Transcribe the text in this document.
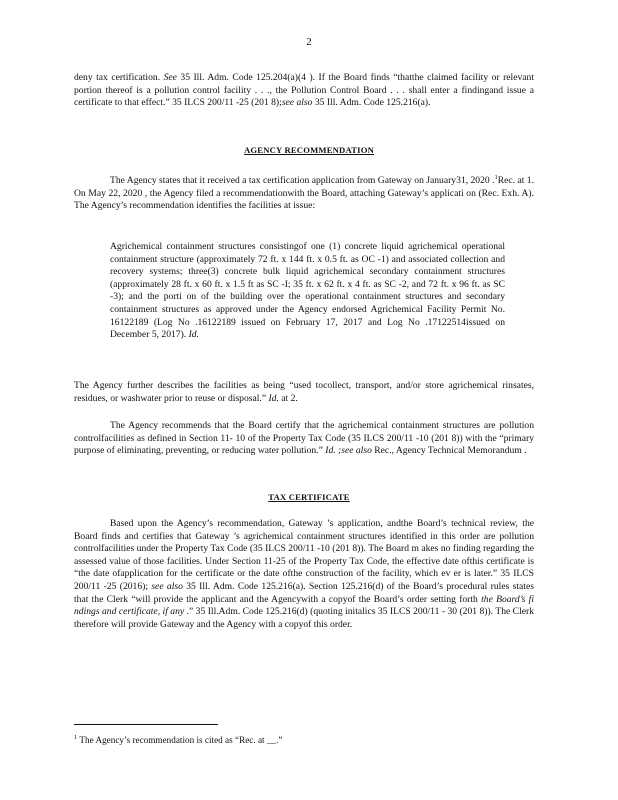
2
deny tax certification. See 35 Ill. Adm. Code 125.204(a)(4 ). If the Board finds “thatthe claimed facility or relevant portion thereof is a pollution control facility . . ., the Pollution Control Board . . . shall enter a findingand issue a certificate to that effect.” 35 ILCS 200/11 -25 (201 8);see also 35 Ill. Adm. Code 125.216(a).
AGENCY RECOMMENDATION
The Agency states that it received a tax certification application from Gateway on January31, 2020 .$^1$Rec. at 1. On May 22, 2020 , the Agency filed a recommendationwith the Board, attaching Gateway’s applicati on (Rec. Exh. A). The Agency’s recommendation identifies the facilities at issue:
Agrichemical containment structures consistingof one (1) concrete liquid agrichemical operational containment structure (approximately 72 ft. x 144 ft. x 0.5 ft. as OC -1) and associated collection and recovery systems; three(3) concrete bulk liquid agrichemical secondary containment structures (approximately 28 ft. x 60 ft. x 1.5 ft as SC -I; 35 ft. x 62 ft. x 4 ft. as SC -2, and 72 ft. x 96 ft. as SC -3); and the porti on of the building over the operational containment structures and secondary containment structures as approved under the Agency endorsed Agrichemical Facility Permit No. 16122189 (Log No .16122189 issued on February 17, 2017 and Log No .17122514issued on December 5, 2017). Id.
The Agency further describes the facilities as being “used tocollect, transport, and/or store agrichemical rinsates, residues, or washwater prior to reuse or disposal.” Id. at 2.
The Agency recommends that the Board certify that the agrichemical containment structures are pollution controlfacilities as defined in Section 11- 10 of the Property Tax Code (35 ILCS 200/11 -10 (201 8)) with the “primary purpose of eliminating, preventing, or reducing water pollution.” Id. ;see also Rec., Agency Technical Memorandum .
TAX CERTIFICATE
Based upon the Agency’s recommendation, Gateway ’s application, andthe Board’s technical review, the Board finds and certifies that Gateway ’s agrichemical containment structures identified in this order are pollution controlfacilities under the Property Tax Code (35 ILCS 200/11 -10 (201 8)). The Board m akes no finding regarding the assessed value of those facilities. Under Section 11-25 of the Property Tax Code, the effective date ofthis certificate is “the date ofapplication for the certificate or the date ofthe construction of the facility, which ev er is later.” 35 ILCS 200/11 -25 (2016); see also 35 Ill. Adm. Code 125.216(a). Section 125.216(d) of the Board’s procedural rules states that the Clerk “will provide the applicant and the Agencywith a copyof the Board’s order setting forth the Board’s fi ndings and certificate, if any .” 35 Ill.Adm. Code 125.216(d) (quoting initalics 35 ILCS 200/11 - 30 (201 8)). The Clerk therefore will provide Gateway and the Agency with a copyof this order.
$^1$ The Agency’s recommendation is cited as “Rec. at __.”
